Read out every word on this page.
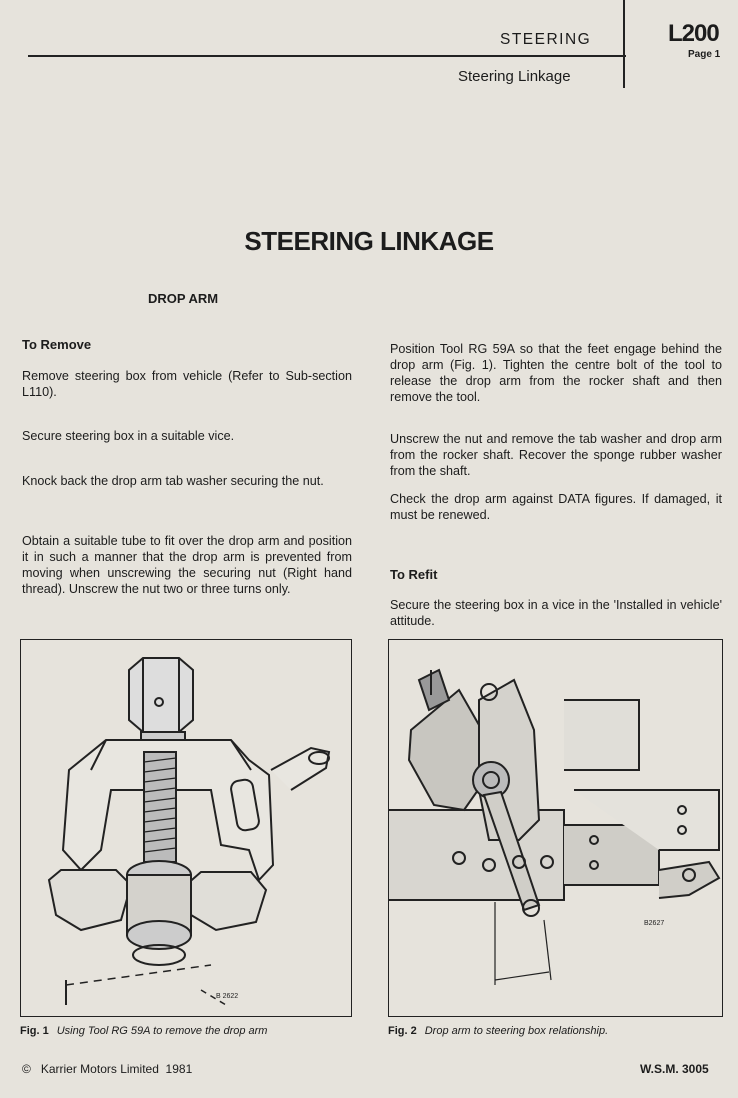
STEERING
Steering Linkage
L200
Page 1
STEERING LINKAGE
DROP ARM
To Remove
Remove steering box from vehicle (Refer to Sub-section L110).
Secure steering box in a suitable vice.
Knock back the drop arm tab washer securing the nut.
Obtain a suitable tube to fit over the drop arm and position it in such a manner that the drop arm is prevented from moving when unscrewing the securing nut (Right hand thread). Unscrew the nut two or three turns only.
Position Tool RG 59A so that the feet engage behind the drop arm (Fig. 1). Tighten the centre bolt of the tool to release the drop arm from the rocker shaft and then remove the tool.
Unscrew the nut and remove the tab washer and drop arm from the rocker shaft. Recover the sponge rubber washer from the shaft.
Check the drop arm against DATA figures. If damaged, it must be renewed.
To Refit
Secure the steering box in a vice in the 'Installed in vehicle' attitude.
B 2622
Fig. 1 Using Tool RG 59A to remove the drop arm
B2627
Fig. 2 Drop arm to steering box relationship.
©   Karrier Motors Limited  1981	W.S.M. 3005
